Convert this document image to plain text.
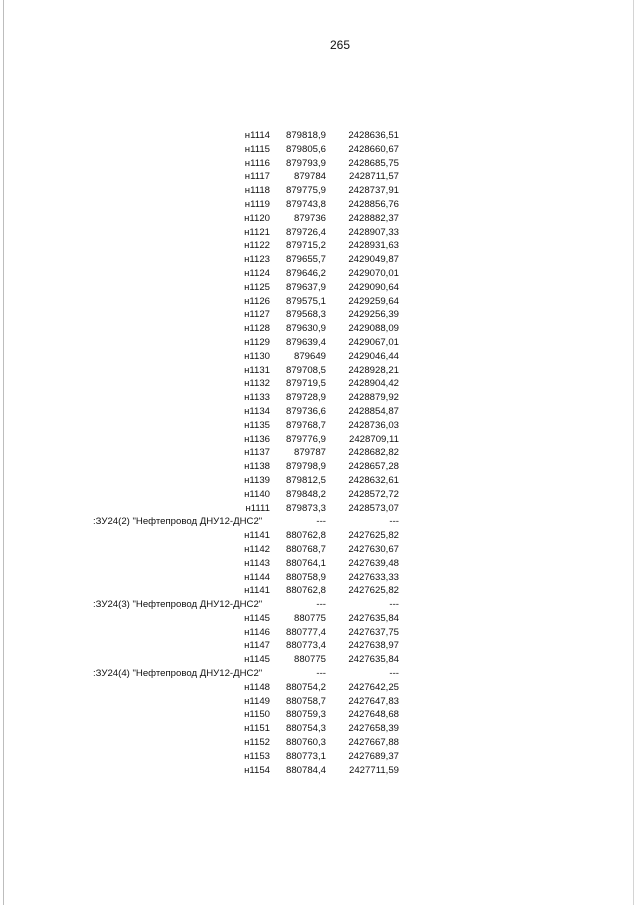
265
н1114	879818,9	2428636,51
н1115	879805,6	2428660,67
н1116	879793,9	2428685,75
н1117	879784	2428711,57
н1118	879775,9	2428737,91
н1119	879743,8	2428856,76
н1120	879736	2428882,37
н1121	879726,4	2428907,33
н1122	879715,2	2428931,63
н1123	879655,7	2429049,87
н1124	879646,2	2429070,01
н1125	879637,9	2429090,64
н1126	879575,1	2429259,64
н1127	879568,3	2429256,39
н1128	879630,9	2429088,09
н1129	879639,4	2429067,01
н1130	879649	2429046,44
н1131	879708,5	2428928,21
н1132	879719,5	2428904,42
н1133	879728,9	2428879,92
н1134	879736,6	2428854,87
н1135	879768,7	2428736,03
н1136	879776,9	2428709,11
н1137	879787	2428682,82
н1138	879798,9	2428657,28
н1139	879812,5	2428632,61
н1140	879848,2	2428572,72
н1111	879873,3	2428573,07
:ЗУ24(2) "Нефтепровод ДНУ12-ДНС2"	---	---
н1141	880762,8	2427625,82
н1142	880768,7	2427630,67
н1143	880764,1	2427639,48
н1144	880758,9	2427633,33
н1141	880762,8	2427625,82
:ЗУ24(3) "Нефтепровод ДНУ12-ДНС2"	---	---
н1145	880775	2427635,84
н1146	880777,4	2427637,75
н1147	880773,4	2427638,97
н1145	880775	2427635,84
:ЗУ24(4) "Нефтепровод ДНУ12-ДНС2"	---	---
н1148	880754,2	2427642,25
н1149	880758,7	2427647,83
н1150	880759,3	2427648,68
н1151	880754,3	2427658,39
н1152	880760,3	2427667,88
н1153	880773,1	2427689,37
н1154	880784,4	2427711,59
